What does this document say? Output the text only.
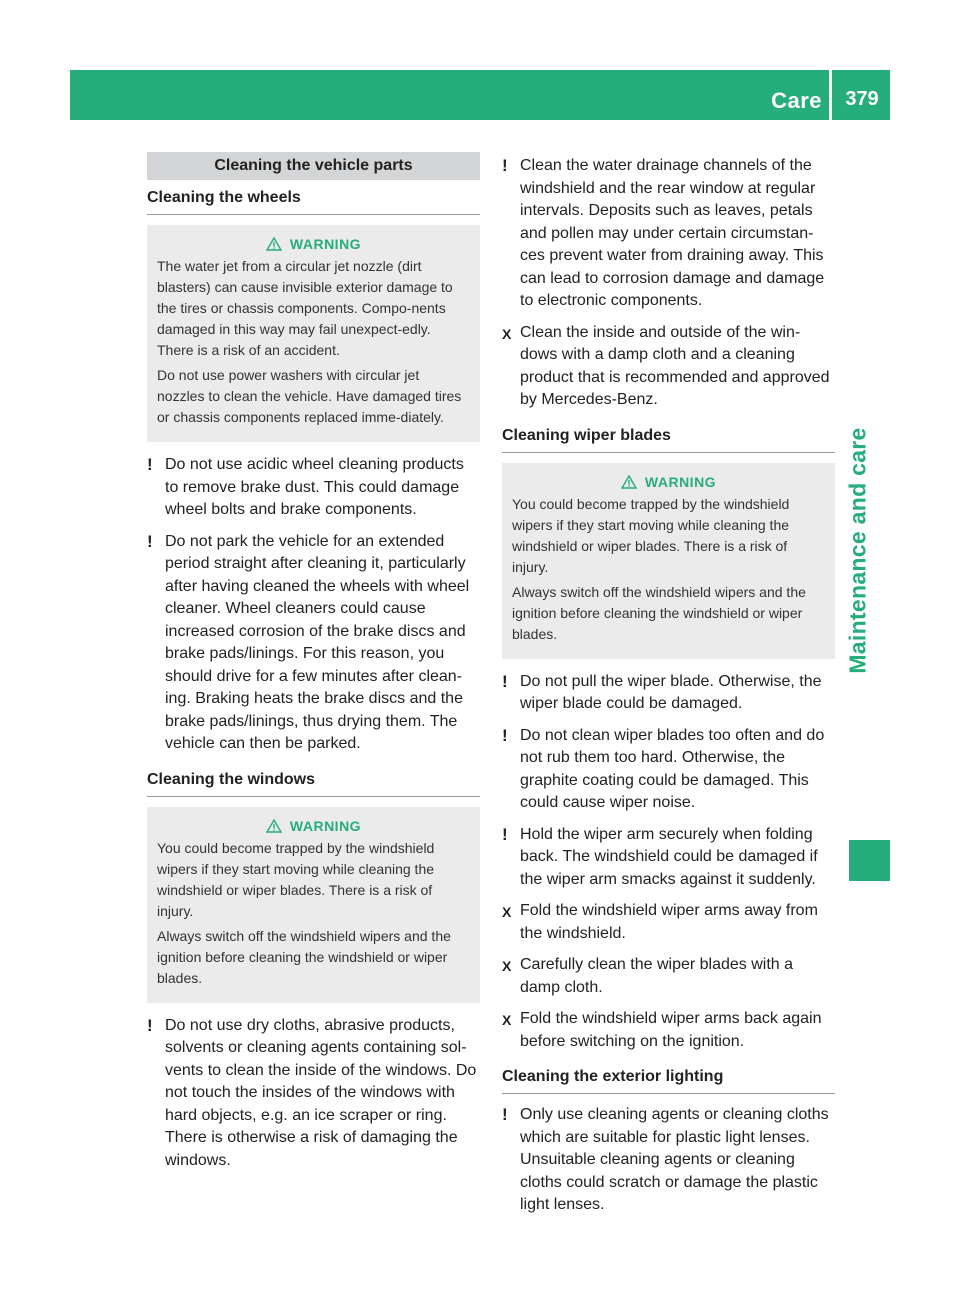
Care	379
Maintenance and care
Cleaning the vehicle parts
Cleaning the wheels
WARNING

The water jet from a circular jet nozzle (dirt blasters) can cause invisible exterior damage to the tires or chassis components. Compo-nents damaged in this way may fail unexpect-edly. There is a risk of an accident.

Do not use power washers with circular jet nozzles to clean the vehicle. Have damaged tires or chassis components replaced imme-diately.

! Do not use acidic wheel cleaning products to remove brake dust. This could damage wheel bolts and brake components.
! Do not park the vehicle for an extended period straight after cleaning it, particularly after having cleaned the wheels with wheel cleaner. Wheel cleaners could cause increased corrosion of the brake discs and brake pads/linings. For this reason, you should drive for a few minutes after clean-ing. Braking heats the brake discs and the brake pads/linings, thus drying them. The vehicle can then be parked.
Cleaning the windows
WARNING

You could become trapped by the windshield wipers if they start moving while cleaning the windshield or wiper blades. There is a risk of injury.

Always switch off the windshield wipers and the ignition before cleaning the windshield or wiper blades.

! Do not use dry cloths, abrasive products, solvents or cleaning agents containing sol-vents to clean the inside of the windows. Do not touch the insides of the windows with hard objects, e.g. an ice scraper or ring. There is otherwise a risk of damaging the windows.
! Clean the water drainage channels of the windshield and the rear window at regular intervals. Deposits such as leaves, petals and pollen may under certain circumstan-ces prevent water from draining away. This can lead to corrosion damage and damage to electronic components.
X Clean the inside and outside of the win-dows with a damp cloth and a cleaning product that is recommended and approved by Mercedes-Benz.
Cleaning wiper blades
WARNING

You could become trapped by the windshield wipers if they start moving while cleaning the windshield or wiper blades. There is a risk of injury.

Always switch off the windshield wipers and the ignition before cleaning the windshield or wiper blades.

! Do not pull the wiper blade. Otherwise, the wiper blade could be damaged.
! Do not clean wiper blades too often and do not rub them too hard. Otherwise, the graphite coating could be damaged. This could cause wiper noise.
! Hold the wiper arm securely when folding back. The windshield could be damaged if the wiper arm smacks against it suddenly.
X Fold the windshield wiper arms away from the windshield.
X Carefully clean the wiper blades with a damp cloth.
X Fold the windshield wiper arms back again before switching on the ignition.
Cleaning the exterior lighting
! Only use cleaning agents or cleaning cloths which are suitable for plastic light lenses. Unsuitable cleaning agents or cleaning cloths could scratch or damage the plastic light lenses.
